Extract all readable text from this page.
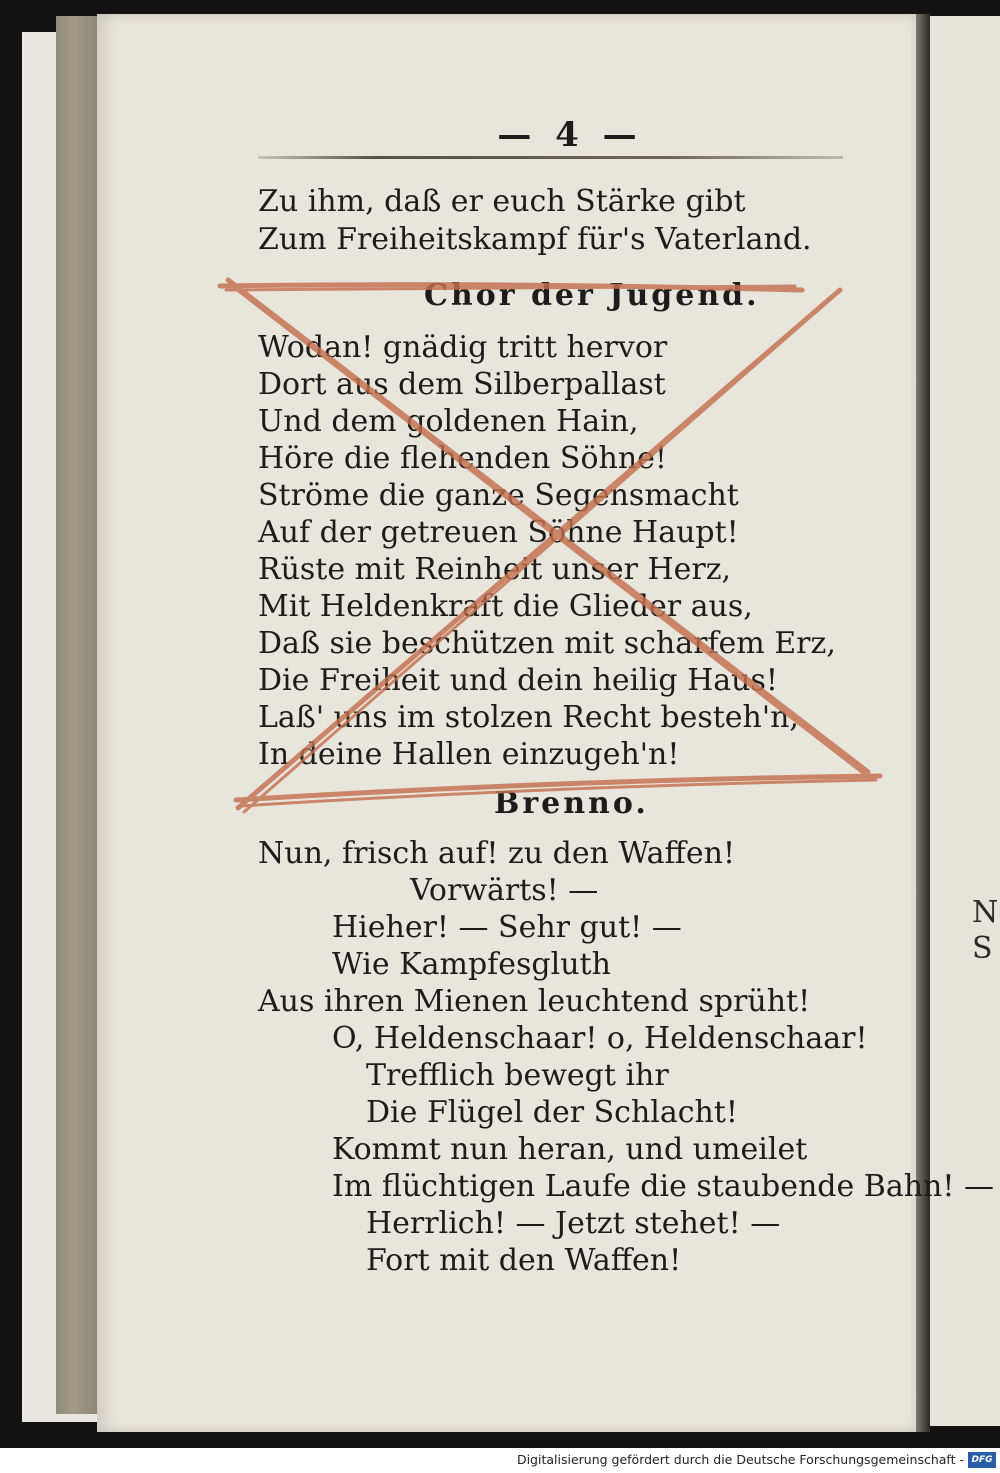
N
S
— 4 —
Zu ihm, daß er euch Stärke gibt
Zum Freiheitskampf für's Vaterland.
Chor der Jugend.
Wodan! gnädig tritt hervor
Dort aus dem Silberpallast
Und dem goldenen Hain,
Höre die flehenden Söhne!
Ströme die ganze Segensmacht
Auf der getreuen Söhne Haupt!
Rüste mit Reinheit unser Herz,
Mit Heldenkraft die Glieder aus,
Daß sie beschützen mit scharfem Erz,
Die Freiheit und dein heilig Haus!
Laß' uns im stolzen Recht besteh'n,
In deine Hallen einzugeh'n!
Brenno.
Nun, frisch auf! zu den Waffen!
Vorwärts! —
Hieher! — Sehr gut! —
Wie Kampfesgluth
Aus ihren Mienen leuchtend sprüht!
O, Heldenschaar! o, Heldenschaar!
Trefflich bewegt ihr
Die Flügel der Schlacht!
Kommt nun heran, und umeilet
Im flüchtigen Laufe die staubende Bahn! —
Herrlich! — Jetzt stehet! —
Fort mit den Waffen!
Digitalisierung gefördert durch die Deutsche Forschungsgemeinschaft - DFG
